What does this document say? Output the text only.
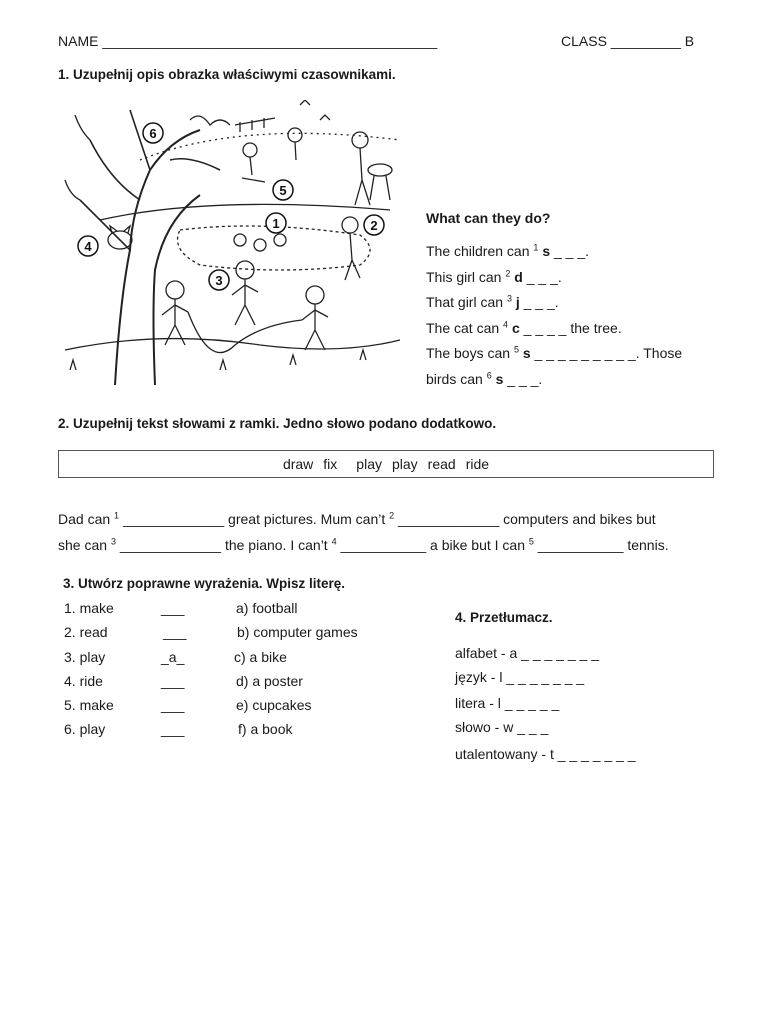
NAME ___________________________________________	CLASS _________ B
1. Uzupełnij opis obrazka właściwymi czasownikami.
6
5
1	2
3
4
What can they do?
The children can $^1$ s _ _ _.
This girl can $^2$ d _ _ _.
That girl can $^3$ j _ _ _.
The cat can $^4$ c _ _ _ _ the tree.
The boys can $^5$ s _ _ _ _ _ _ _ _ _. Those
birds can $^6$ s _ _ _.
2. Uzupełnij tekst słowami z ramki. Jedno słowo podano dodatkowo.
draw fix play play read ride
Dad can $^1$ _____________ great pictures. Mum can’t $^2$ _____________ computers and bikes but
she can $^3$ _____________ the piano. I can’t $^4$ ___________ a bike but I can $^5$ ___________ tennis.
3. Utwórz poprawne wyrażenia. Wpisz literę.
1. make	___	a) football
2. read	___	b) computer games
3. play	_a_	c) a bike
4. ride	___	d) a poster
5. make	___	e) cupcakes
6. play	___	f) a book
4. Przetłumacz.
alfabet - a _ _ _ _ _ _ _
język - l _ _ _ _ _ _ _
litera - l _ _ _ _ _
słowo - w _ _ _
utalentowany - t _ _ _ _ _ _ _
